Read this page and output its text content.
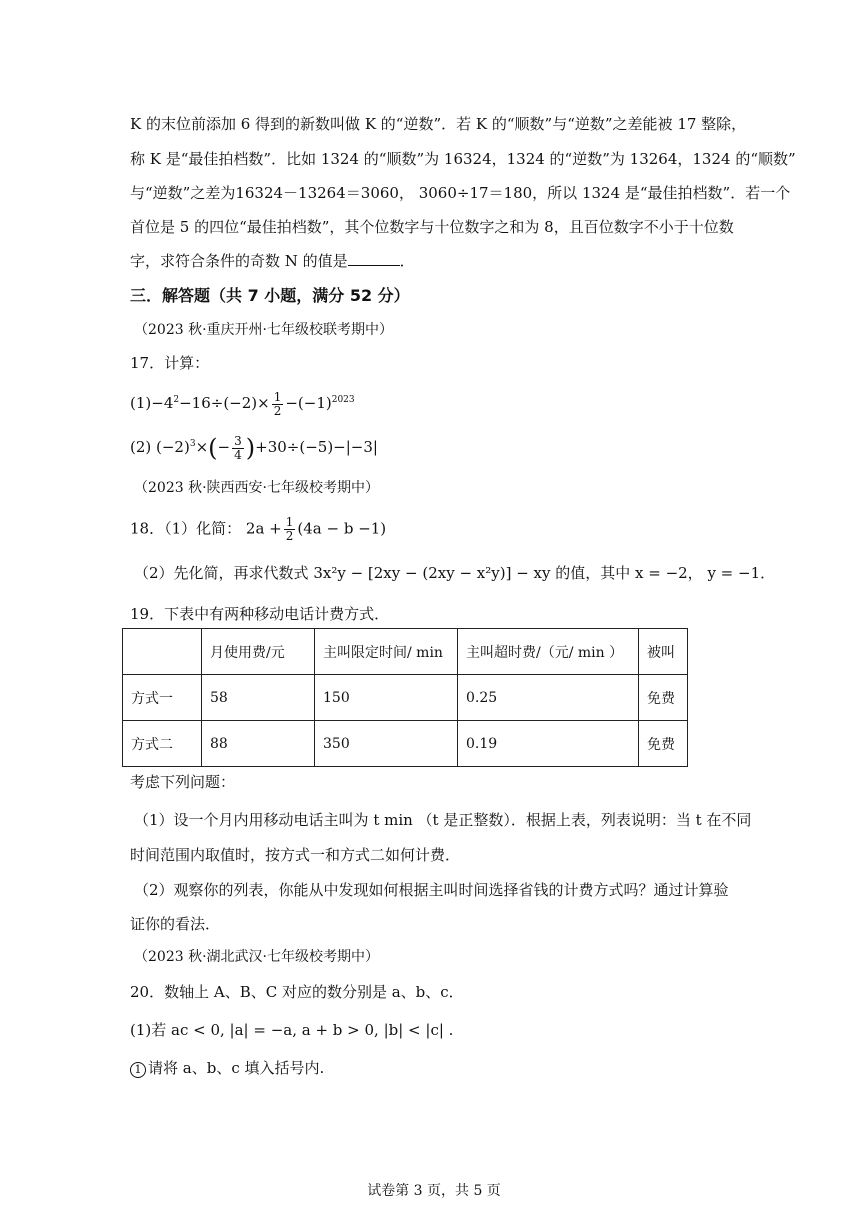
K 的末位前添加 6 得到的新数叫做 K 的“逆数”．若 K 的“顺数”与“逆数”之差能被 17 整除，
称 K 是“最佳拍档数”．比如 1324 的“顺数”为 16324，1324 的“逆数”为 13264，1324 的“顺数”
与“逆数”之差为16324－13264＝3060， 3060÷17＝180，所以 1324 是“最佳拍档数”．若一个
首位是 5 的四位“最佳拍档数”，其个位数字与十位数字之和为 8，且百位数字不小于十位数
字，求符合条件的奇数 N 的值是	．
三．解答题（共 7 小题，满分 52 分）
（2023 秋·重庆开州·七年级校联考期中）
17．计算：
$(1)-4^2-16\div(-2)\times \frac{1}{2} -(-1)^{2023}$
(2) $(-2)^3\times(- \frac{3}{4} )+30\div(-5)-|-3|$
（2023 秋·陕西西安·七年级校考期中）
18．（1）化简： $2a + \frac{1}{2} (4a - b -1)$
（2）先化简，再求代数式 3x²y − [2xy − (2xy − x²y)] − xy 的值，其中 x = −2， y = −1．
19．下表中有两种移动电话计费方式．
	月使用费/元	主叫限定时间/ min	主叫超时费/（元/ min ）	被叫
方式一	58	150	0.25	免费
方式二	88	350	0.19	免费
考虑下列问题：
（1）设一个月内用移动电话主叫为 t min （t 是正整数）．根据上表，列表说明：当 t 在不同
时间范围内取值时，按方式一和方式二如何计费．
（2）观察你的列表，你能从中发现如何根据主叫时间选择省钱的计费方式吗？通过计算验
证你的看法．
（2023 秋·湖北武汉·七年级校考期中）
20．数轴上 A、B、C 对应的数分别是 a、b、c．
(1)若 ac < 0, |a| = −a, a + b > 0, |b| < |c| .
1 请将 a、b、c 填入括号内.
试卷第 3 页，共 5 页
